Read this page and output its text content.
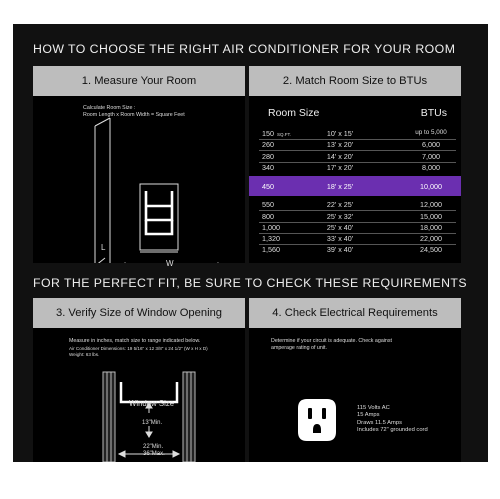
HOW TO CHOOSE THE RIGHT AIR CONDITIONER FOR YOUR ROOM
1. Measure Your Room
Calculate Room Size :
Room Length x Room Width = Square Feet
W
L
2. Match Room Size to BTUs
Room Size	BTUs
150 SQ.FT.	10' x 15'	up to 5,000
260	13' x 20'	6,000
280	14' x 20'	7,000
340	17' x 20'	8,000
450	18' x 25'	10,000
550	22' x 25'	12,000
800	25' x 32'	15,000
1,000	25' x 40'	18,000
1,320	33' x 40'	22,000
1,560	39' x 40'	24,500
FOR THE PERFECT FIT, BE SURE TO CHECK THESE REQUIREMENTS
3. Verify Size of Window Opening
Measure in inches, match size to range indicated below.
Air Conditioner Dimensions: 19 5/16" x 12 3/8" x 24 1/2" (W x H x D)
Weight: 63 lbs.
Window Size
13"Min.
22"Min.
36"Max.
4. Check Electrical Requirements
Determine if your circuit is adequate. Check against
amperage rating of unit.
115 Volts AC
15 Amps
Draws 11.5 Amps
Includes 72" grounded cord
